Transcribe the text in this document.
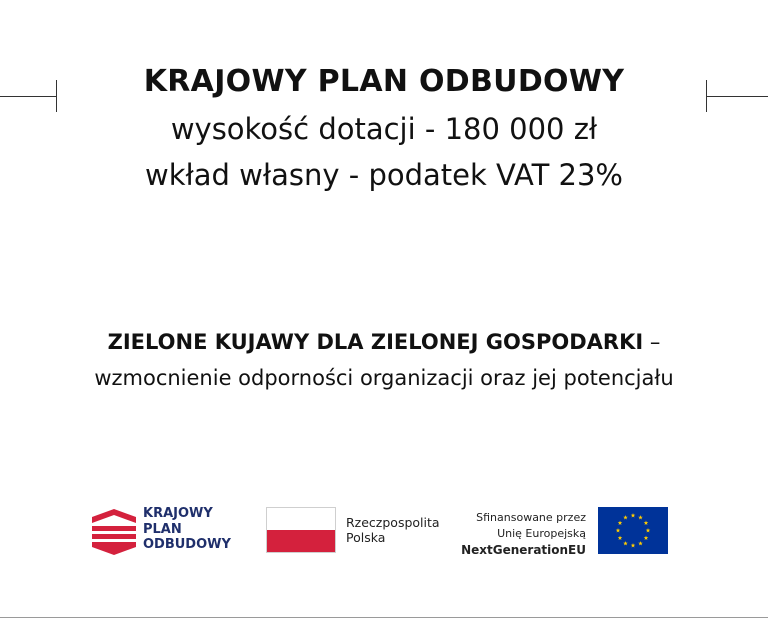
KRAJOWY PLAN ODBUDOWY
wysokość dotacji - 180 000 zł
wkład własny - podatek VAT 23%
ZIELONE KUJAWY DLA ZIELONEJ GOSPODARKI –
wzmocnienie odporności organizacji oraz jej potencjału
KRAJOWY
PLAN
ODBUDOWY
Rzeczpospolita
Polska
Sfinansowane przez
Unię Europejską
NextGenerationEU
